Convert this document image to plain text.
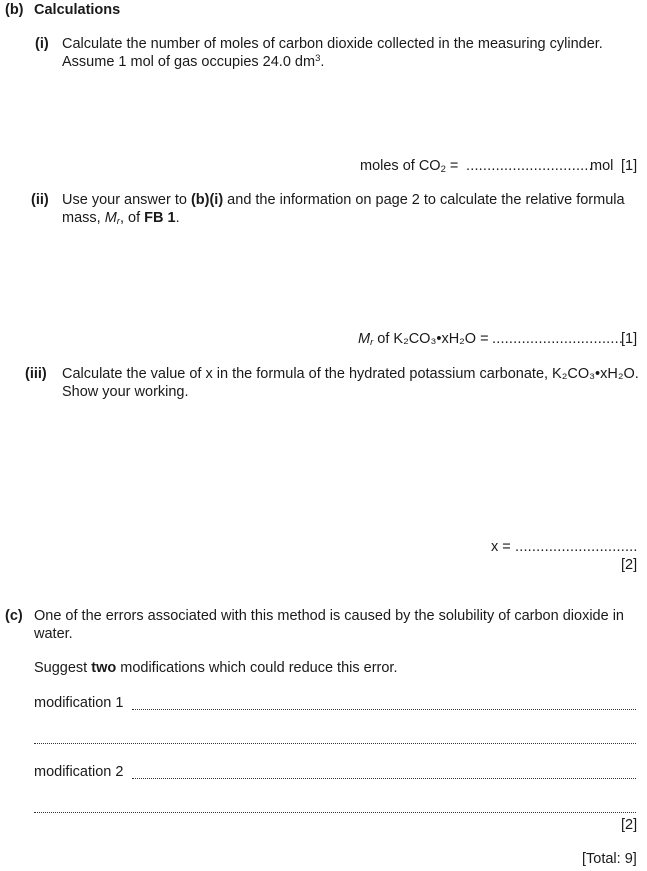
(b) Calculations
(i) Calculate the number of moles of carbon dioxide collected in the measuring cylinder.
Assume 1 mol of gas occupies 24.0 $dm^3$.
moles of $CO_2$ = ..............................
mol [1]
(ii) Use your answer to (b)(i) and the information on page 2 to calculate the relative formula
mass, $M_r$, of FB 1.
$M_r$ of K₂CO₃•xH₂O = ...............................
[1]
(iii) Calculate the value of x in the formula of the hydrated potassium carbonate, K₂CO₃•xH₂O.
Show your working.
x = .............................
[2]
(c) One of the errors associated with this method is caused by the solubility of carbon dioxide in
water.
Suggest two modifications which could reduce this error.
modification 1
modification 2
[2]
[Total: 9]
